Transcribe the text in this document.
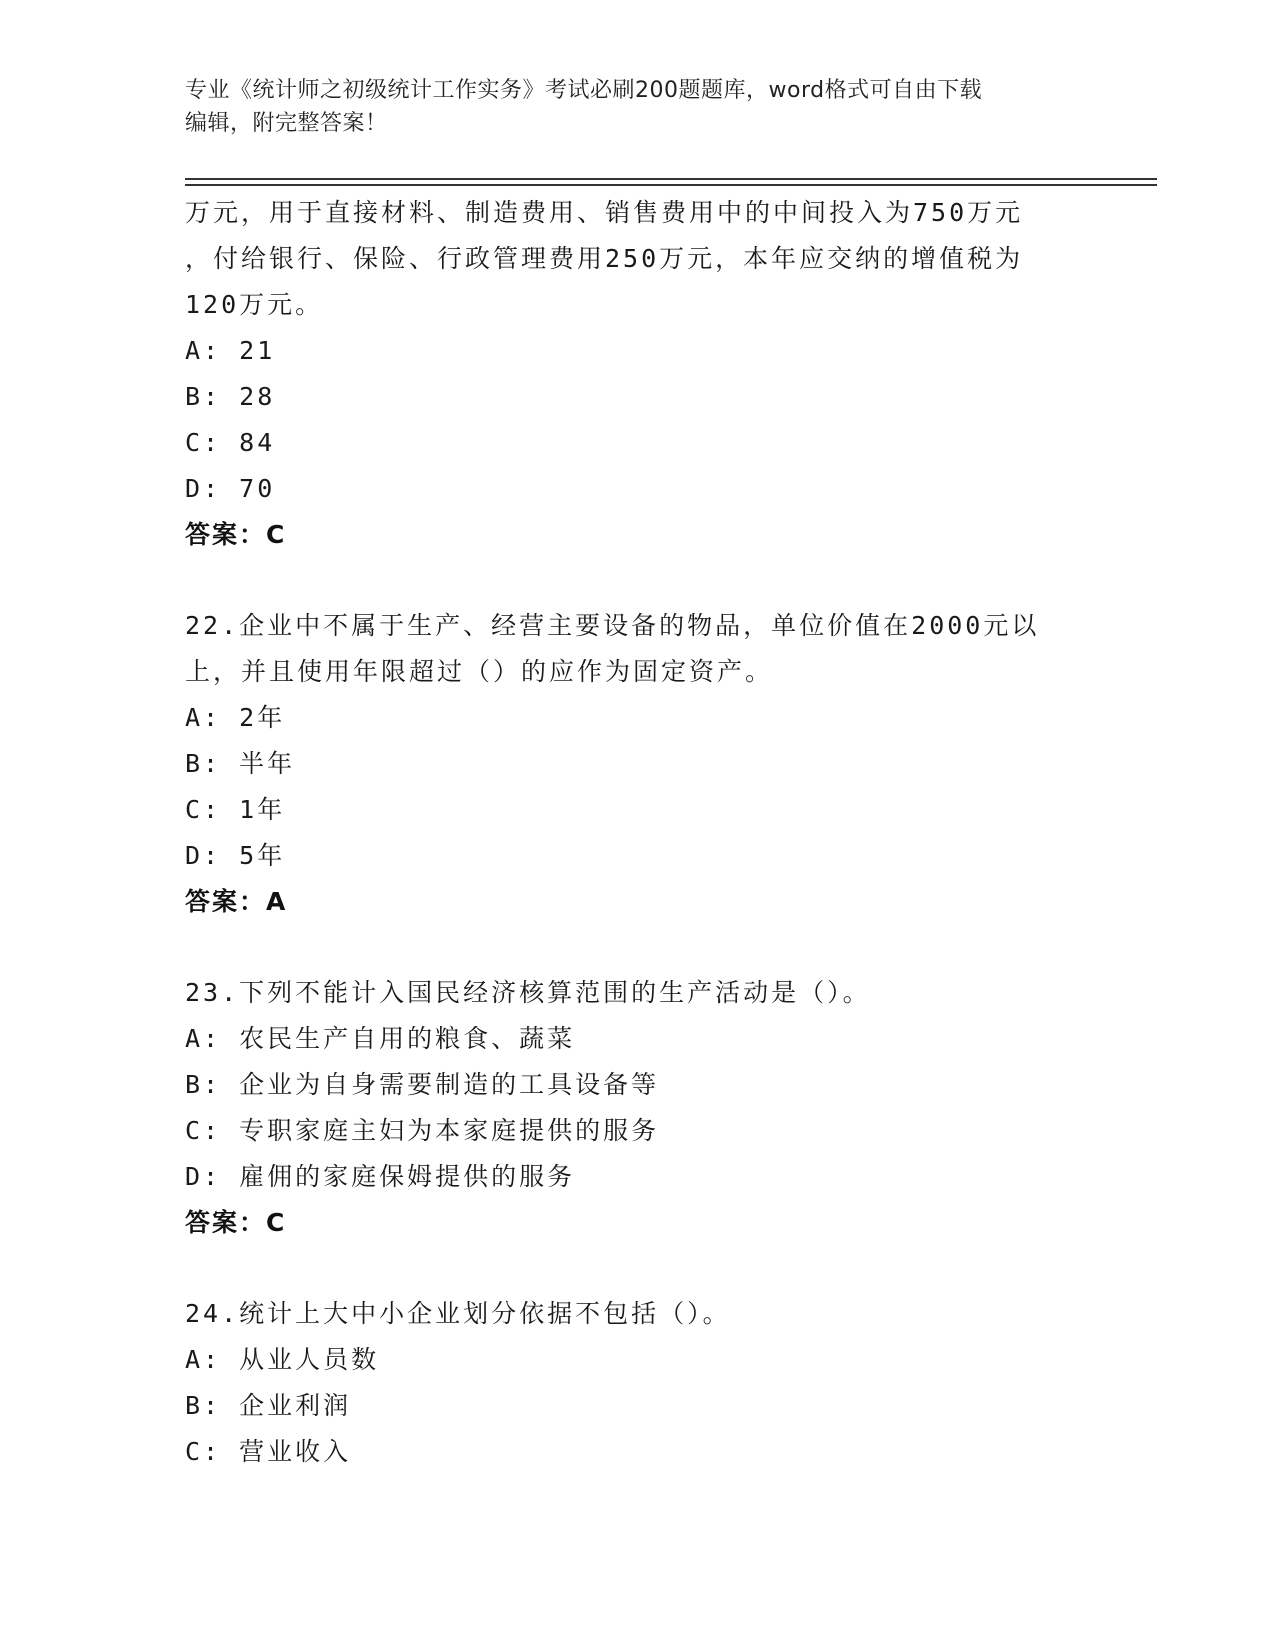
专业《统计师之初级统计工作实务》考试必刷200题题库，word格式可自由下载
编辑，附完整答案！
万元，用于直接材料、制造费用、销售费用中的中间投入为750万元
，付给银行、保险、行政管理费用250万元，本年应交纳的增值税为
120万元。
A: 21
B: 28
C: 84
D: 70
答案：C
22.企业中不属于生产、经营主要设备的物品，单位价值在2000元以
上，并且使用年限超过（）的应作为固定资产。
A: 2年
B: 半年
C: 1年
D: 5年
答案：A
23.下列不能计入国民经济核算范围的生产活动是（）。
A: 农民生产自用的粮食、蔬菜
B: 企业为自身需要制造的工具设备等
C: 专职家庭主妇为本家庭提供的服务
D: 雇佣的家庭保姆提供的服务
答案：C
24.统计上大中小企业划分依据不包括（）。
A: 从业人员数
B: 企业利润
C: 营业收入
